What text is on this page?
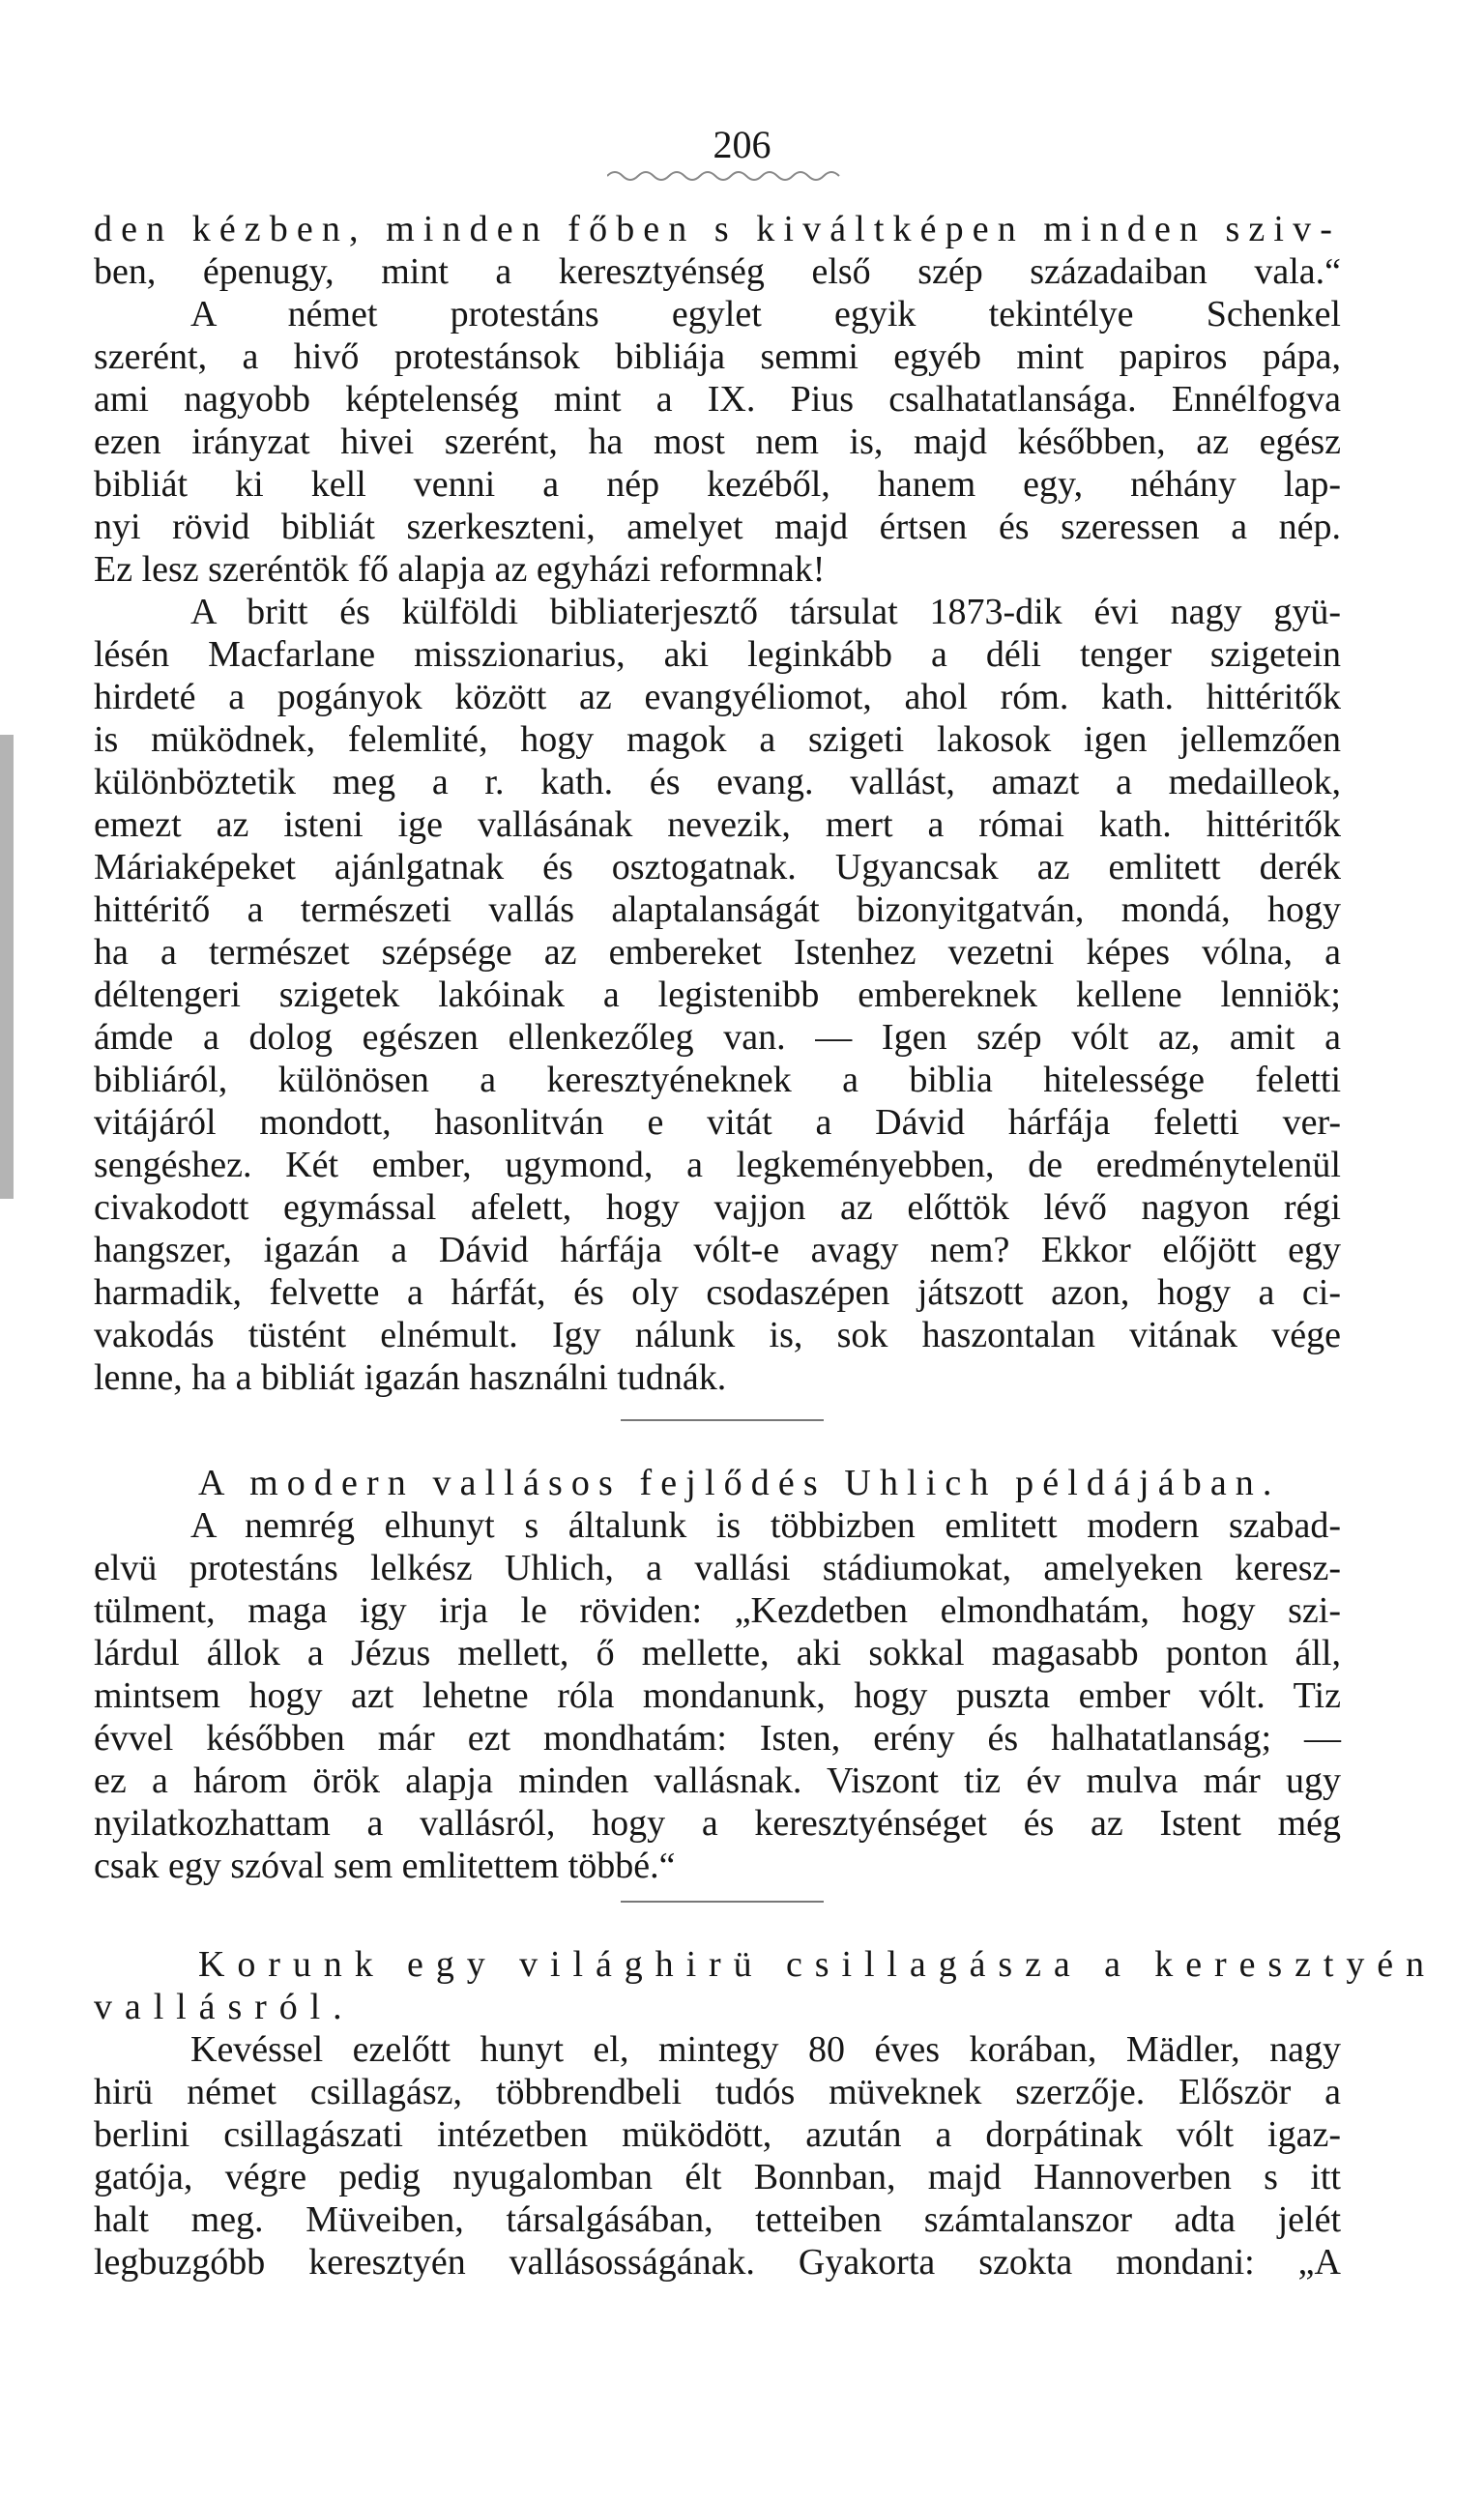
206
den kézben, minden főben s kiváltképen minden sziv-
ben, épenugy, mint a keresztyénség első szép századaiban vala.“
A német protestáns egylet egyik tekintélye Schenkel
szerént, a hivő protestánsok bibliája semmi egyéb mint papiros pápa,
ami nagyobb képtelenség mint a IX. Pius csalhatatlansága. Ennélfogva
ezen irányzat hivei szerént, ha most nem is, majd későbben, az egész
bibliát ki kell venni a nép kezéből, hanem egy, néhány lap-
nyi rövid bibliát szerkeszteni, amelyet majd értsen és szeressen a nép.
Ez lesz szeréntök fő alapja az egyházi reformnak!
A britt és külföldi bibliaterjesztő társulat 1873-dik évi nagy gyü-
lésén Macfarlane misszionarius, aki leginkább a déli tenger szigetein
hirdeté a pogányok között az evangyéliomot, ahol róm. kath. hittéritők
is müködnek, felemlité, hogy magok a szigeti lakosok igen jellemzően
különböztetik meg a r. kath. és evang. vallást, amazt a medailleok,
emezt az isteni ige vallásának nevezik, mert a római kath. hittéritők
Máriaképeket ajánlgatnak és osztogatnak. Ugyancsak az emlitett derék
hittéritő a természeti vallás alaptalanságát bizonyitgatván, mondá, hogy
ha a természet szépsége az embereket Istenhez vezetni képes vólna, a
déltengeri szigetek lakóinak a legistenibb embereknek kellene lenniök;
ámde a dolog egészen ellenkezőleg van. — Igen szép vólt az, amit a
bibliáról, különösen a keresztyéneknek a biblia hitelessége feletti
vitájáról mondott, hasonlitván e vitát a Dávid hárfája feletti ver-
sengéshez. Két ember, ugymond, a legkeményebben, de eredménytelenül
civakodott egymással afelett, hogy vajjon az előttök lévő nagyon régi
hangszer, igazán a Dávid hárfája vólt-e avagy nem? Ekkor előjött egy
harmadik, felvette a hárfát, és oly csodaszépen játszott azon, hogy a ci-
vakodás tüstént elnémult. Igy nálunk is, sok haszontalan vitának vége
lenne, ha a bibliát igazán használni tudnák.
A modern vallásos fejlődés Uhlich példájában.
A nemrég elhunyt s általunk is többizben emlitett modern szabad-
elvü protestáns lelkész Uhlich, a vallási stádiumokat, amelyeken keresz-
tülment, maga igy irja le röviden: „Kezdetben elmondhatám, hogy szi-
lárdul állok a Jézus mellett, ő mellette, aki sokkal magasabb ponton áll,
mintsem hogy azt lehetne róla mondanunk, hogy puszta ember vólt. Tiz
évvel későbben már ezt mondhatám: Isten, erény és halhatatlanság; —
ez a három örök alapja minden vallásnak. Viszont tiz év mulva már ugy
nyilatkozhattam a vallásról, hogy a keresztyénséget és az Istent még
csak egy szóval sem emlitettem többé.“
Korunk egy világhirü csillagásza a keresztyén
vallásról.
Kevéssel ezelőtt hunyt el, mintegy 80 éves korában, Mädler, nagy
hirü német csillagász, többrendbeli tudós müveknek szerzője. Először a
berlini csillagászati intézetben müködött, azután a dorpátinak vólt igaz-
gatója, végre pedig nyugalomban élt Bonnban, majd Hannoverben s itt
halt meg. Müveiben, társalgásában, tetteiben számtalanszor adta jelét
legbuzgóbb keresztyén vallásosságának. Gyakorta szokta mondani: „A
